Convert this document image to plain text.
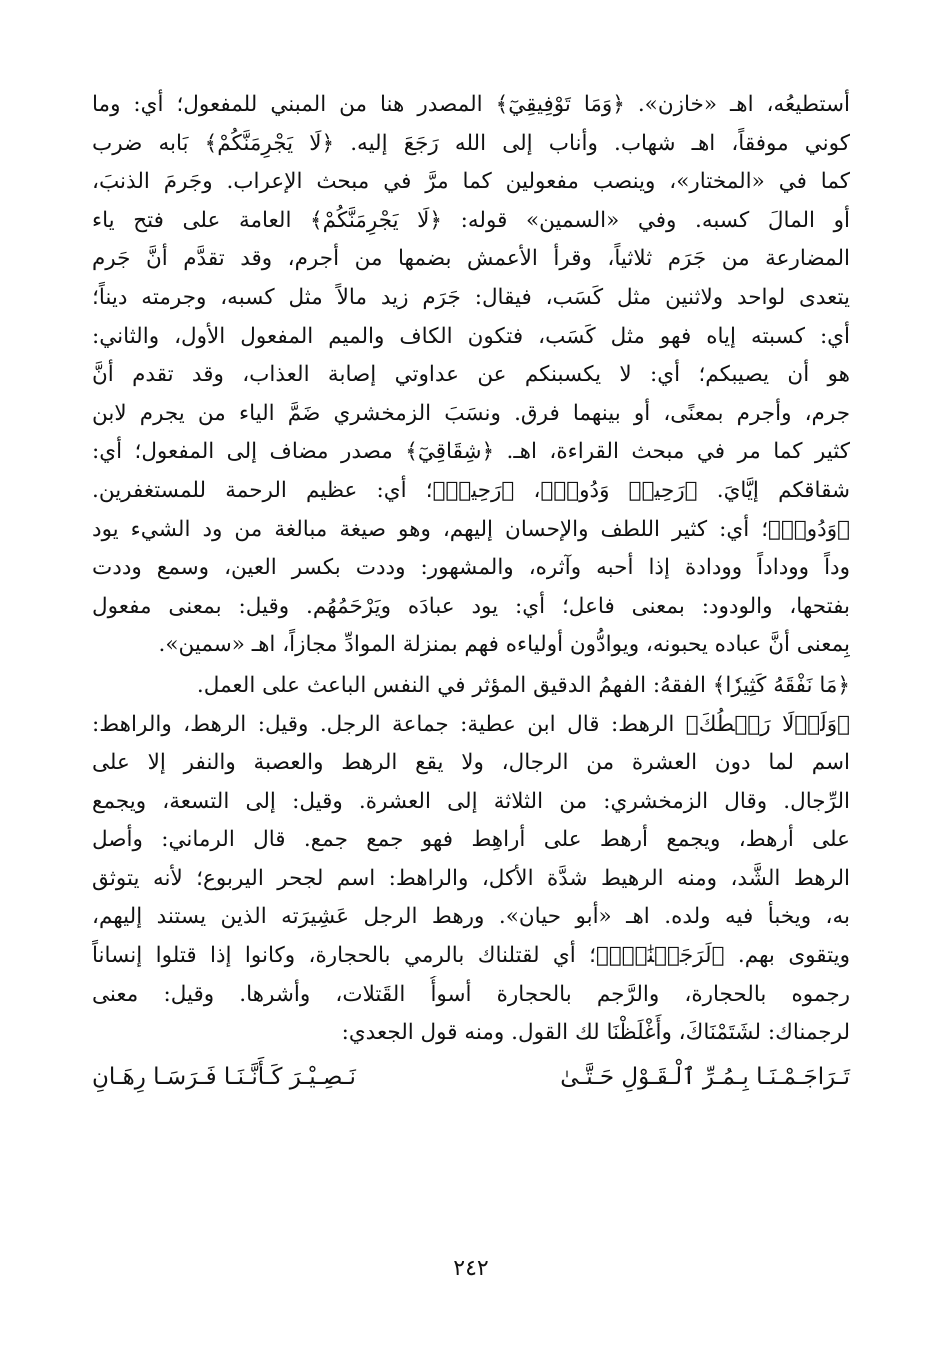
أستطيعُه، اهـ «خازن». ﴿وَمَا تَوْفِيقِيٓ﴾ المصدر هنا من المبني للمفعول؛ أي: وما
كوني موفقاً، اهـ شهاب. وأناب إلى الله رَجَعَ إليه. ﴿لَا يَجْرِمَنَّكُمْ﴾ بَابه ضرب
كما في «المختار»، وينصب مفعولين كما مرَّ في مبحث الإعراب. وجَرمَ الذنبَ،
أو المالَ كسبه. وفي «السمين» قوله: ﴿لَا يَجْرِمَنَّكُمْ﴾ العامة على فتح ياء
المضارعة من جَرَم ثلاثياً، وقرأ الأعمش بضمها من أجرم، وقد تقدَّم أنَّ جَرم
يتعدى لواحد ولاثنين مثل كَسَب، فيقال: جَرَم زيد مالاً مثل كسبه، وجرمته ديناً؛
أي: كسبته إياه فهو مثل كَسَب، فتكون الكاف والميم المفعول الأول، والثاني:
هو أن يصيبكم؛ أي: لا يكسبنكم عن عداوتي إصابة العذاب، وقد تقدم أنَّ
جرم، وأجرم بمعنًى، أو بينهما فرق. ونسَبَ الزمخشري ضَمَّ الياء من يجرم لابن
كثير كما مر في مبحث القراءة، اهـ. ﴿شِقَاقِيٓ﴾ مصدر مضاف إلى المفعول؛ أي:
شقاقكم إيَّايَ. ﴿رَحِيمٞ وَدُودٞ﴾، ﴿رَحِيمٞ﴾؛ أي: عظيم الرحمة للمستغفرين.
﴿وَدُودٞ﴾؛ أي: كثير اللطف والإحسان إليهم، وهو صيغة مبالغة من ود الشيء يود
وداً ووداداً وودادة إذا أحبه وآثره، والمشهور: وددت بكسر العين، وسمع وددت
بفتحها، والودود: بمعنى فاعل؛ أي: يود عبادَه ويَرْحَمُهُم. وقيل: بمعنى مفعول
بِمعنى أنَّ عباده يحبونه، ويوادُّون أولياءه فهم بمنزلة الموادِّ مجازاً، اهـ «سمين».
﴿مَا نَفْقَهُ كَثِيرٗا﴾ الفقهُ: الفهمُ الدقيق المؤثر في النفس الباعث على العمل.
﴿وَلَوۡلَا رَهۡطُكَ﴾ الرهط: قال ابن عطية: جماعة الرجل. وقيل: الرهط، والراهط:
اسم لما دون العشرة من الرجال، ولا يقع الرهط والعصبة والنفر إلا على
الرِّجال. وقال الزمخشري: من الثلاثة إلى العشرة. وقيل: إلى التسعة، ويجمع
على أرهط، ويجمع أرهط على أراهِط فهو جمع جمع. قال الرماني: وأصل
الرهط الشَّد، ومنه الرهيط شدَّة الأكل، والراهط: اسم لجحر اليربوع؛ لأنه يتوثق
به، ويخبأ فيه ولده. اهـ «أبو حيان». ورهط الرجل عَشِيرَته الذين يستند إليهم،
ويتقوى بهم. ﴿لَرَجَمۡنَٰكَۖ﴾؛ أي لقتلناك بالرمي بالحجارة، وكانوا إذا قتلوا إنساناً
رجموه بالحجارة، والرَّجم بالحجارة أسوأُ القَتلات، وأشرها. وقيل: معنى
لرجمناك: لشَتَمْنَاكَ، وأَغْلَظْنَا لك القول. ومنه قول الجعدي:
تَـرَاجَـمْـنَـا بِـمُـرِّ ٱلْـقَـوْلِ حَـتَّـىٰ
نَـصِـيْـرَ كَـأَنَّـنَـا فَـرَسَـا رِهَـانِ
٢٤٢
